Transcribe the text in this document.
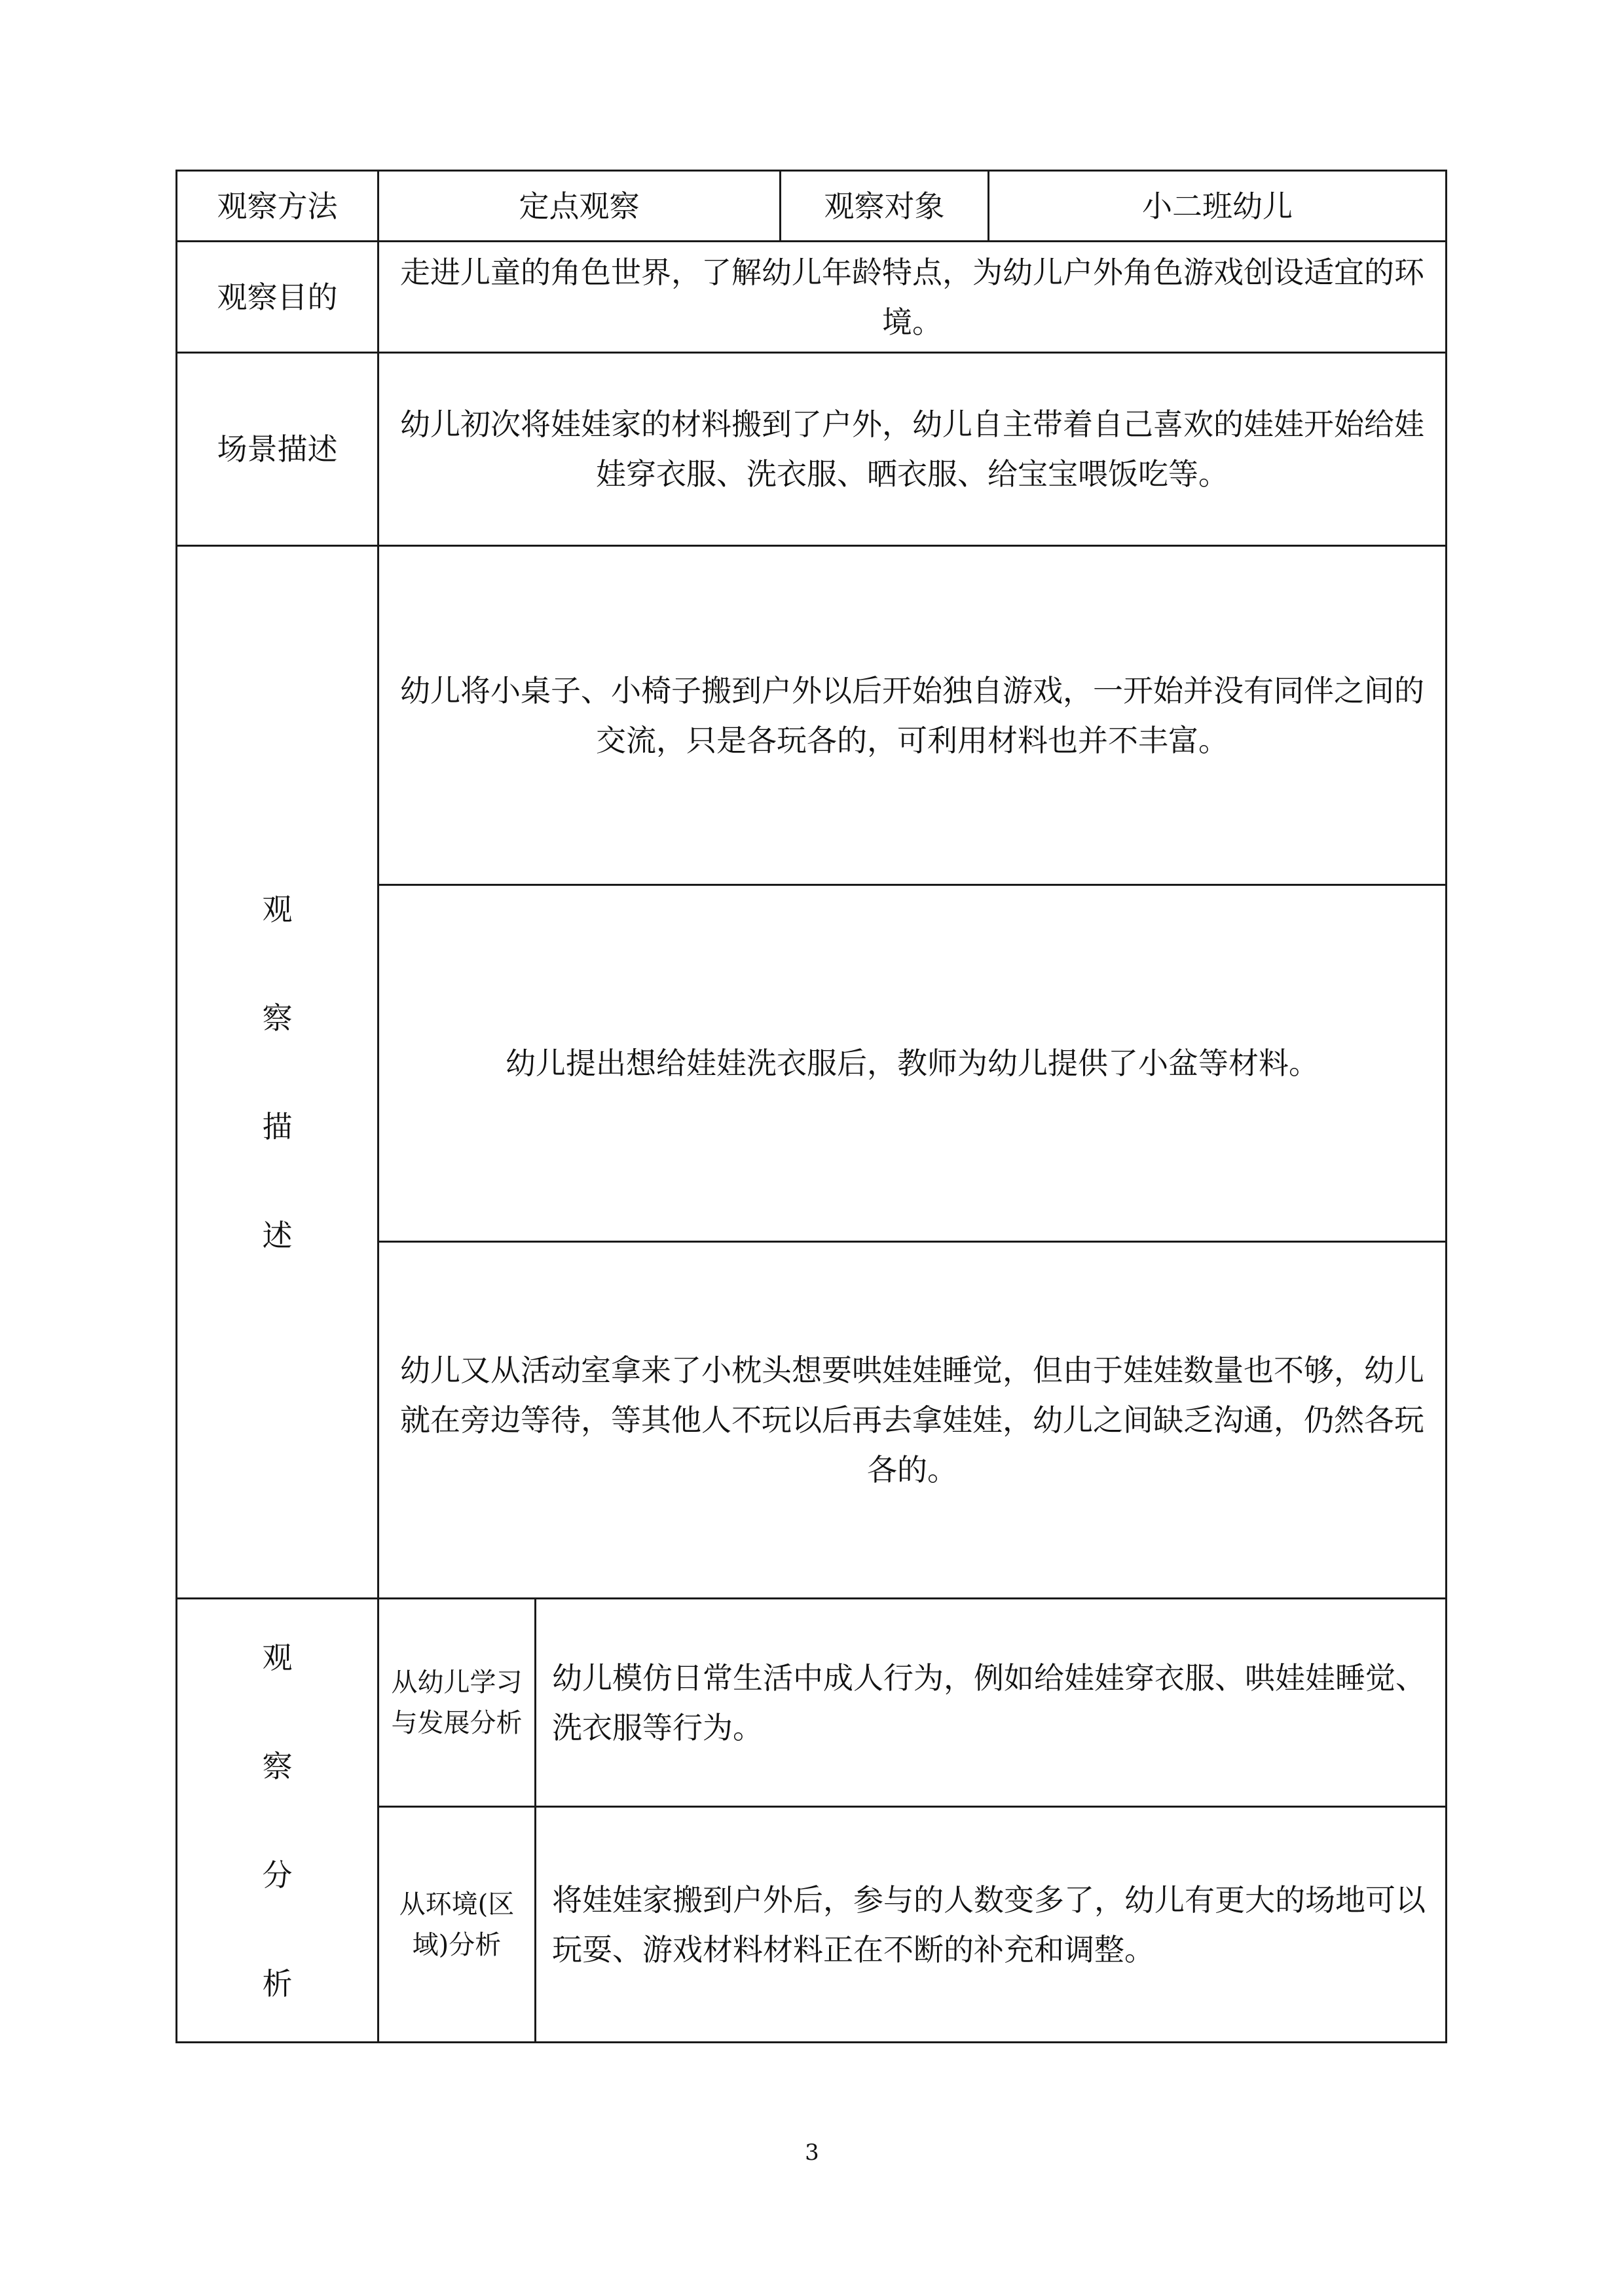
观察方法	定点观察		观察对象	小二班幼儿
观察目的	走进儿童的角色世界，了解幼儿年龄特点，为幼儿户外角色游戏创设适宜的环境。			

场景描述	幼儿初次将娃娃家的材料搬到了户外，幼儿自主带着自己喜欢的娃娃开始给娃娃穿衣服、洗衣服、晒衣服、给宝宝喂饭吃等。			

观
察
描
述	幼儿将小桌子、小椅子搬到户外以后开始独自游戏，一开始并没有同伴之间的交流，只是各玩各的，可利用材料也并不丰富。			

	幼儿提出想给娃娃洗衣服后，教师为幼儿提供了小盆等材料。			

	幼儿又从活动室拿来了小枕头想要哄娃娃睡觉，但由于娃娃数量也不够，幼儿就在旁边等待，等其他人不玩以后再去拿娃娃，幼儿之间缺乏沟通，仍然各玩各的。			

观
察
分
析	从幼儿学习与发展分析	幼儿模仿日常生活中成人行为，例如给娃娃穿衣服、哄娃娃睡觉、洗衣服等行为。		

	从环境(区域)分析	将娃娃家搬到户外后，参与的人数变多了，幼儿有更大的场地可以玩耍、游戏材料材料正在不断的补充和调整。		
3
